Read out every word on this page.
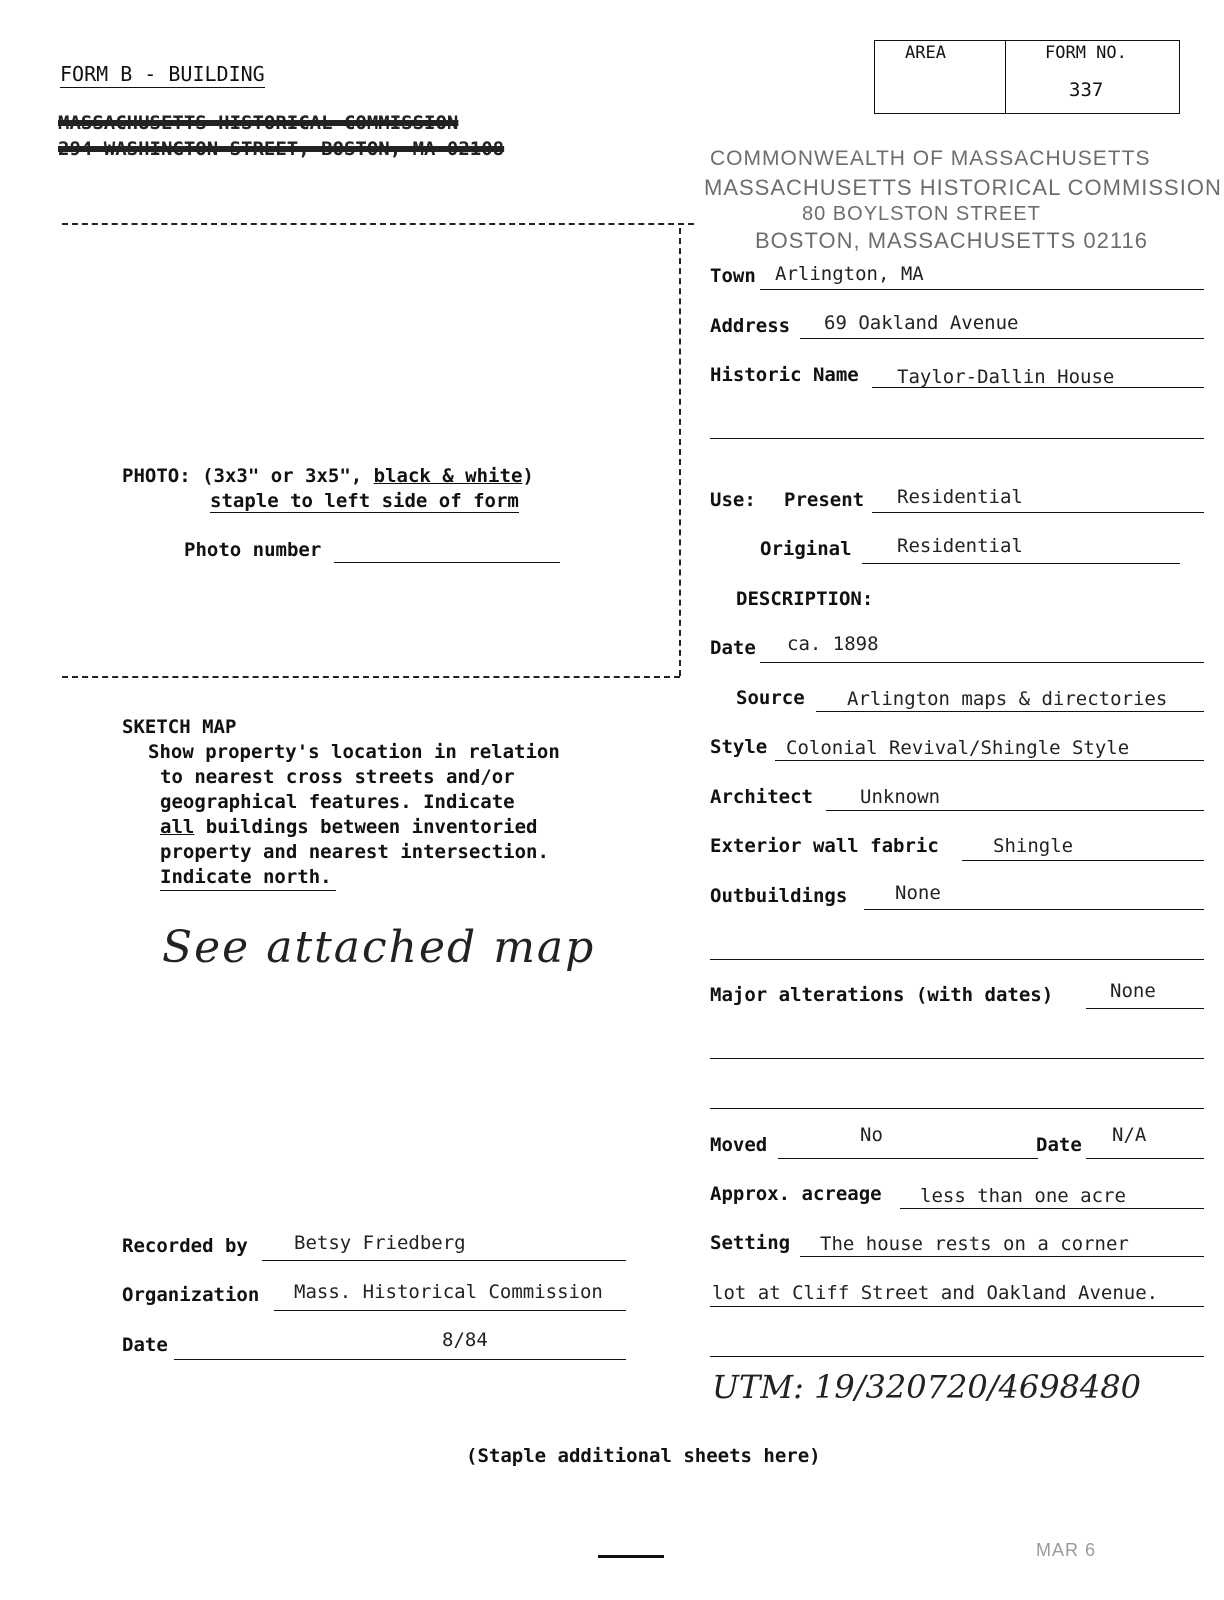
FORM B - BUILDING
MASSACHUSETTS HISTORICAL COMMISSION
294 WASHINGTON STREET, BOSTON, MA 02108
AREA	FORM NO.
337
COMMONWEALTH OF MASSACHUSETTS
MASSACHUSETTS HISTORICAL COMMISSION
80 BOYLSTON STREET
BOSTON, MASSACHUSETTS 02116
PHOTO: (3x3" or 3x5", black & white)
staple to left side of form
Photo number
SKETCH MAP
Show property's location in relation
to nearest cross streets and/or
geographical features. Indicate
all buildings between inventoried
property and nearest intersection.
Indicate north.
See attached map
Town Arlington, MA
Address 69 Oakland Avenue
Historic Name Taylor-Dallin House
Use: Present Residential
Original Residential
DESCRIPTION:
Date ca. 1898
Source Arlington maps & directories
Style Colonial Revival/Shingle Style
Architect Unknown
Exterior wall fabric	Shingle
Outbuildings	None
Major alterations (with dates)	None
Moved	No	Date N/A
Approx. acreage less than one acre
Setting The house rests on a corner
lot at Cliff Street and Oakland Avenue.
UTM: 19/320720/4698480
Recorded by Betsy Friedberg
Organization Mass. Historical Commission
Date	8/84
(Staple additional sheets here)
MAR 6
